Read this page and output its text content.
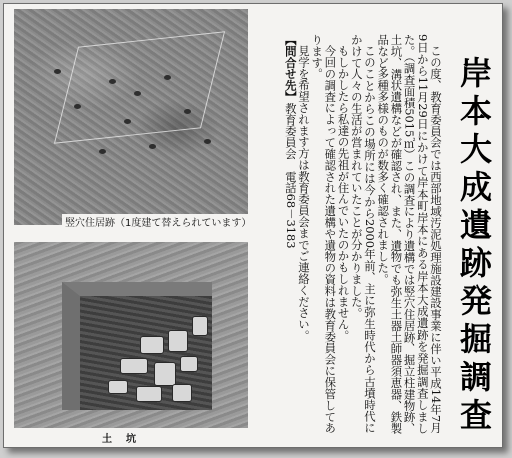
竪穴住居跡（1度建て替えられています）
土　坑

この度、教育委員会では西部地域汚泥処理施設建設事業に伴い平成14年7月9日から11月29日にかけて岸本町岸本にある岸本大成遺跡を発掘調査しました。（調査面積5015㎡）この調査により遺構では竪穴住居跡、掘立柱建物跡、土坑、溝状遺構などが確認され、また、遺物でも弥生土器土師器須恵器、鉄製品など多種多様のものが数多く確認されました。

このことからこの場所には今から2000年前、主に弥生時代から古墳時代にかけて人々の生活が営まれていたことが分かりました。

もしかしたら私達の先祖が住んでいたのかもしれません。

今回の調査によって確認された遺構や遺物の資料は教育委員会に保管してあります。

見学を希望されます方は教育委員会までご連絡ください。

【問合せ先】教育委員会　電話68－3183	岸本大成遺跡発掘調査
